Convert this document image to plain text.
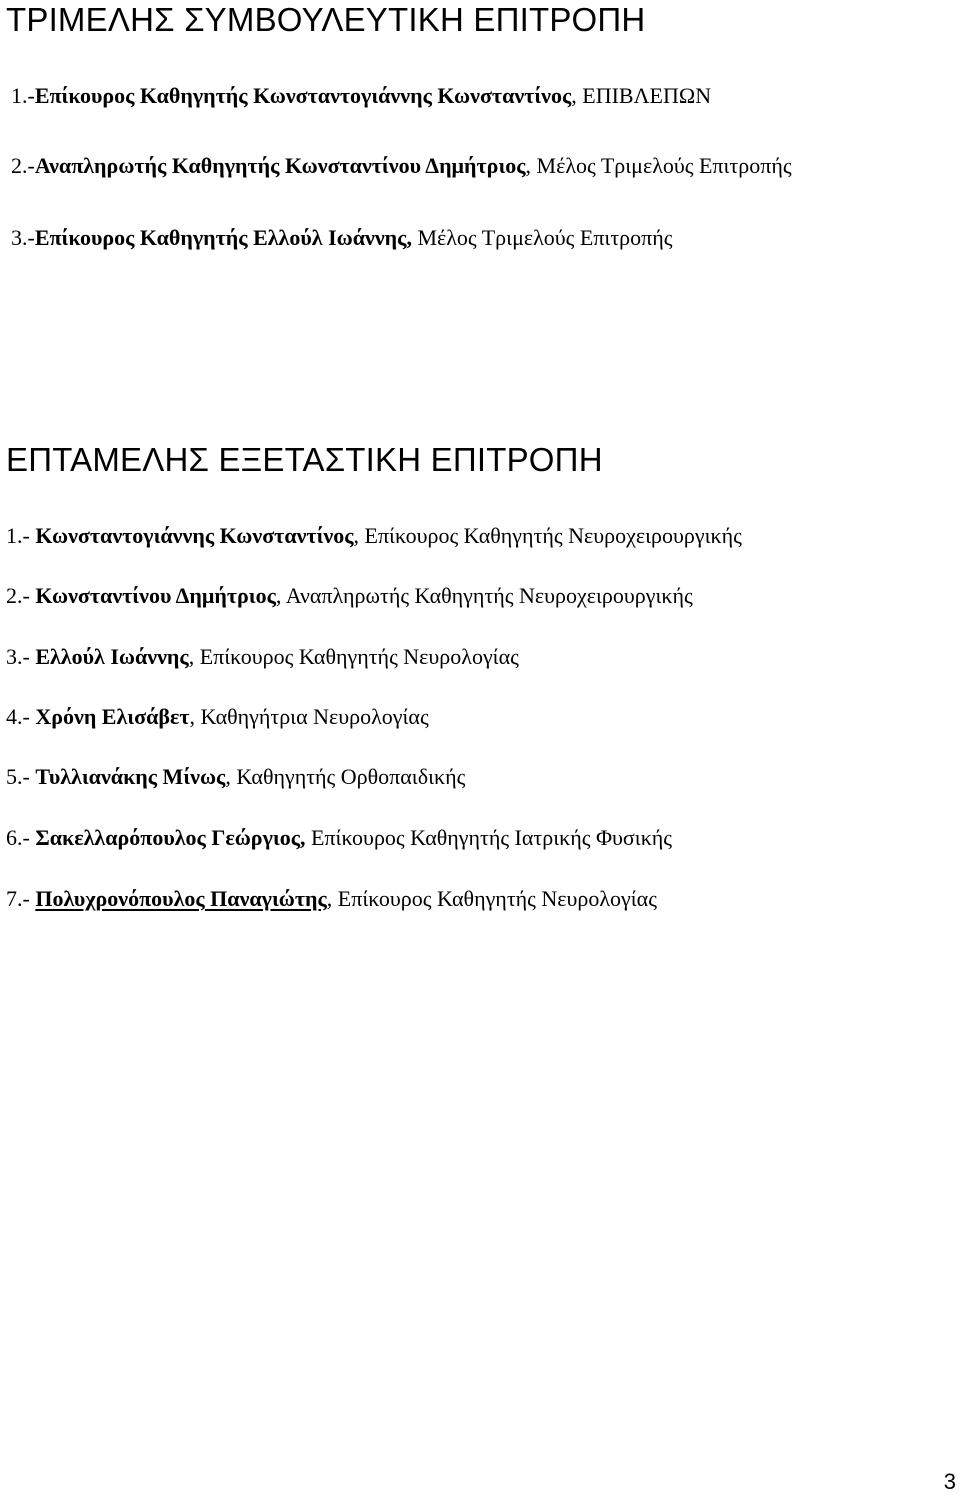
ΤΡΙΜΕΛΗΣ ΣΥΜΒΟΥΛΕΥΤΙΚΗ ΕΠΙΤΡΟΠΗ

1.-Επίκουρος Καθηγητής Κωνσταντογιάννης Κωνσταντίνος, ΕΠΙΒΛΕΠΩΝ

2.-Αναπληρωτής Καθηγητής Κωνσταντίνου Δημήτριος, Μέλος Τριμελούς Επιτροπής

3.-Επίκουρος Καθηγητής Ελλούλ Ιωάννης, Μέλος Τριμελούς Επιτροπής

ΕΠΤΑΜΕΛΗΣ ΕΞΕΤΑΣΤΙΚΗ ΕΠΙΤΡΟΠΗ

1.- Κωνσταντογιάννης Κωνσταντίνος, Επίκουρος Καθηγητής Νευροχειρουργικής

2.- Κωνσταντίνου Δημήτριος, Αναπληρωτής Καθηγητής Νευροχειρουργικής

3.- Ελλούλ Ιωάννης, Επίκουρος Καθηγητής Νευρολογίας

4.- Χρόνη Ελισάβετ, Καθηγήτρια Νευρολογίας

5.- Τυλλιανάκης Μίνως, Καθηγητής Ορθοπαιδικής

6.- Σακελλαρόπουλος Γεώργιος, Επίκουρος Καθηγητής Ιατρικής Φυσικής

7.- Πολυχρονόπουλος Παναγιώτης, Επίκουρος Καθηγητής Νευρολογίας

3
